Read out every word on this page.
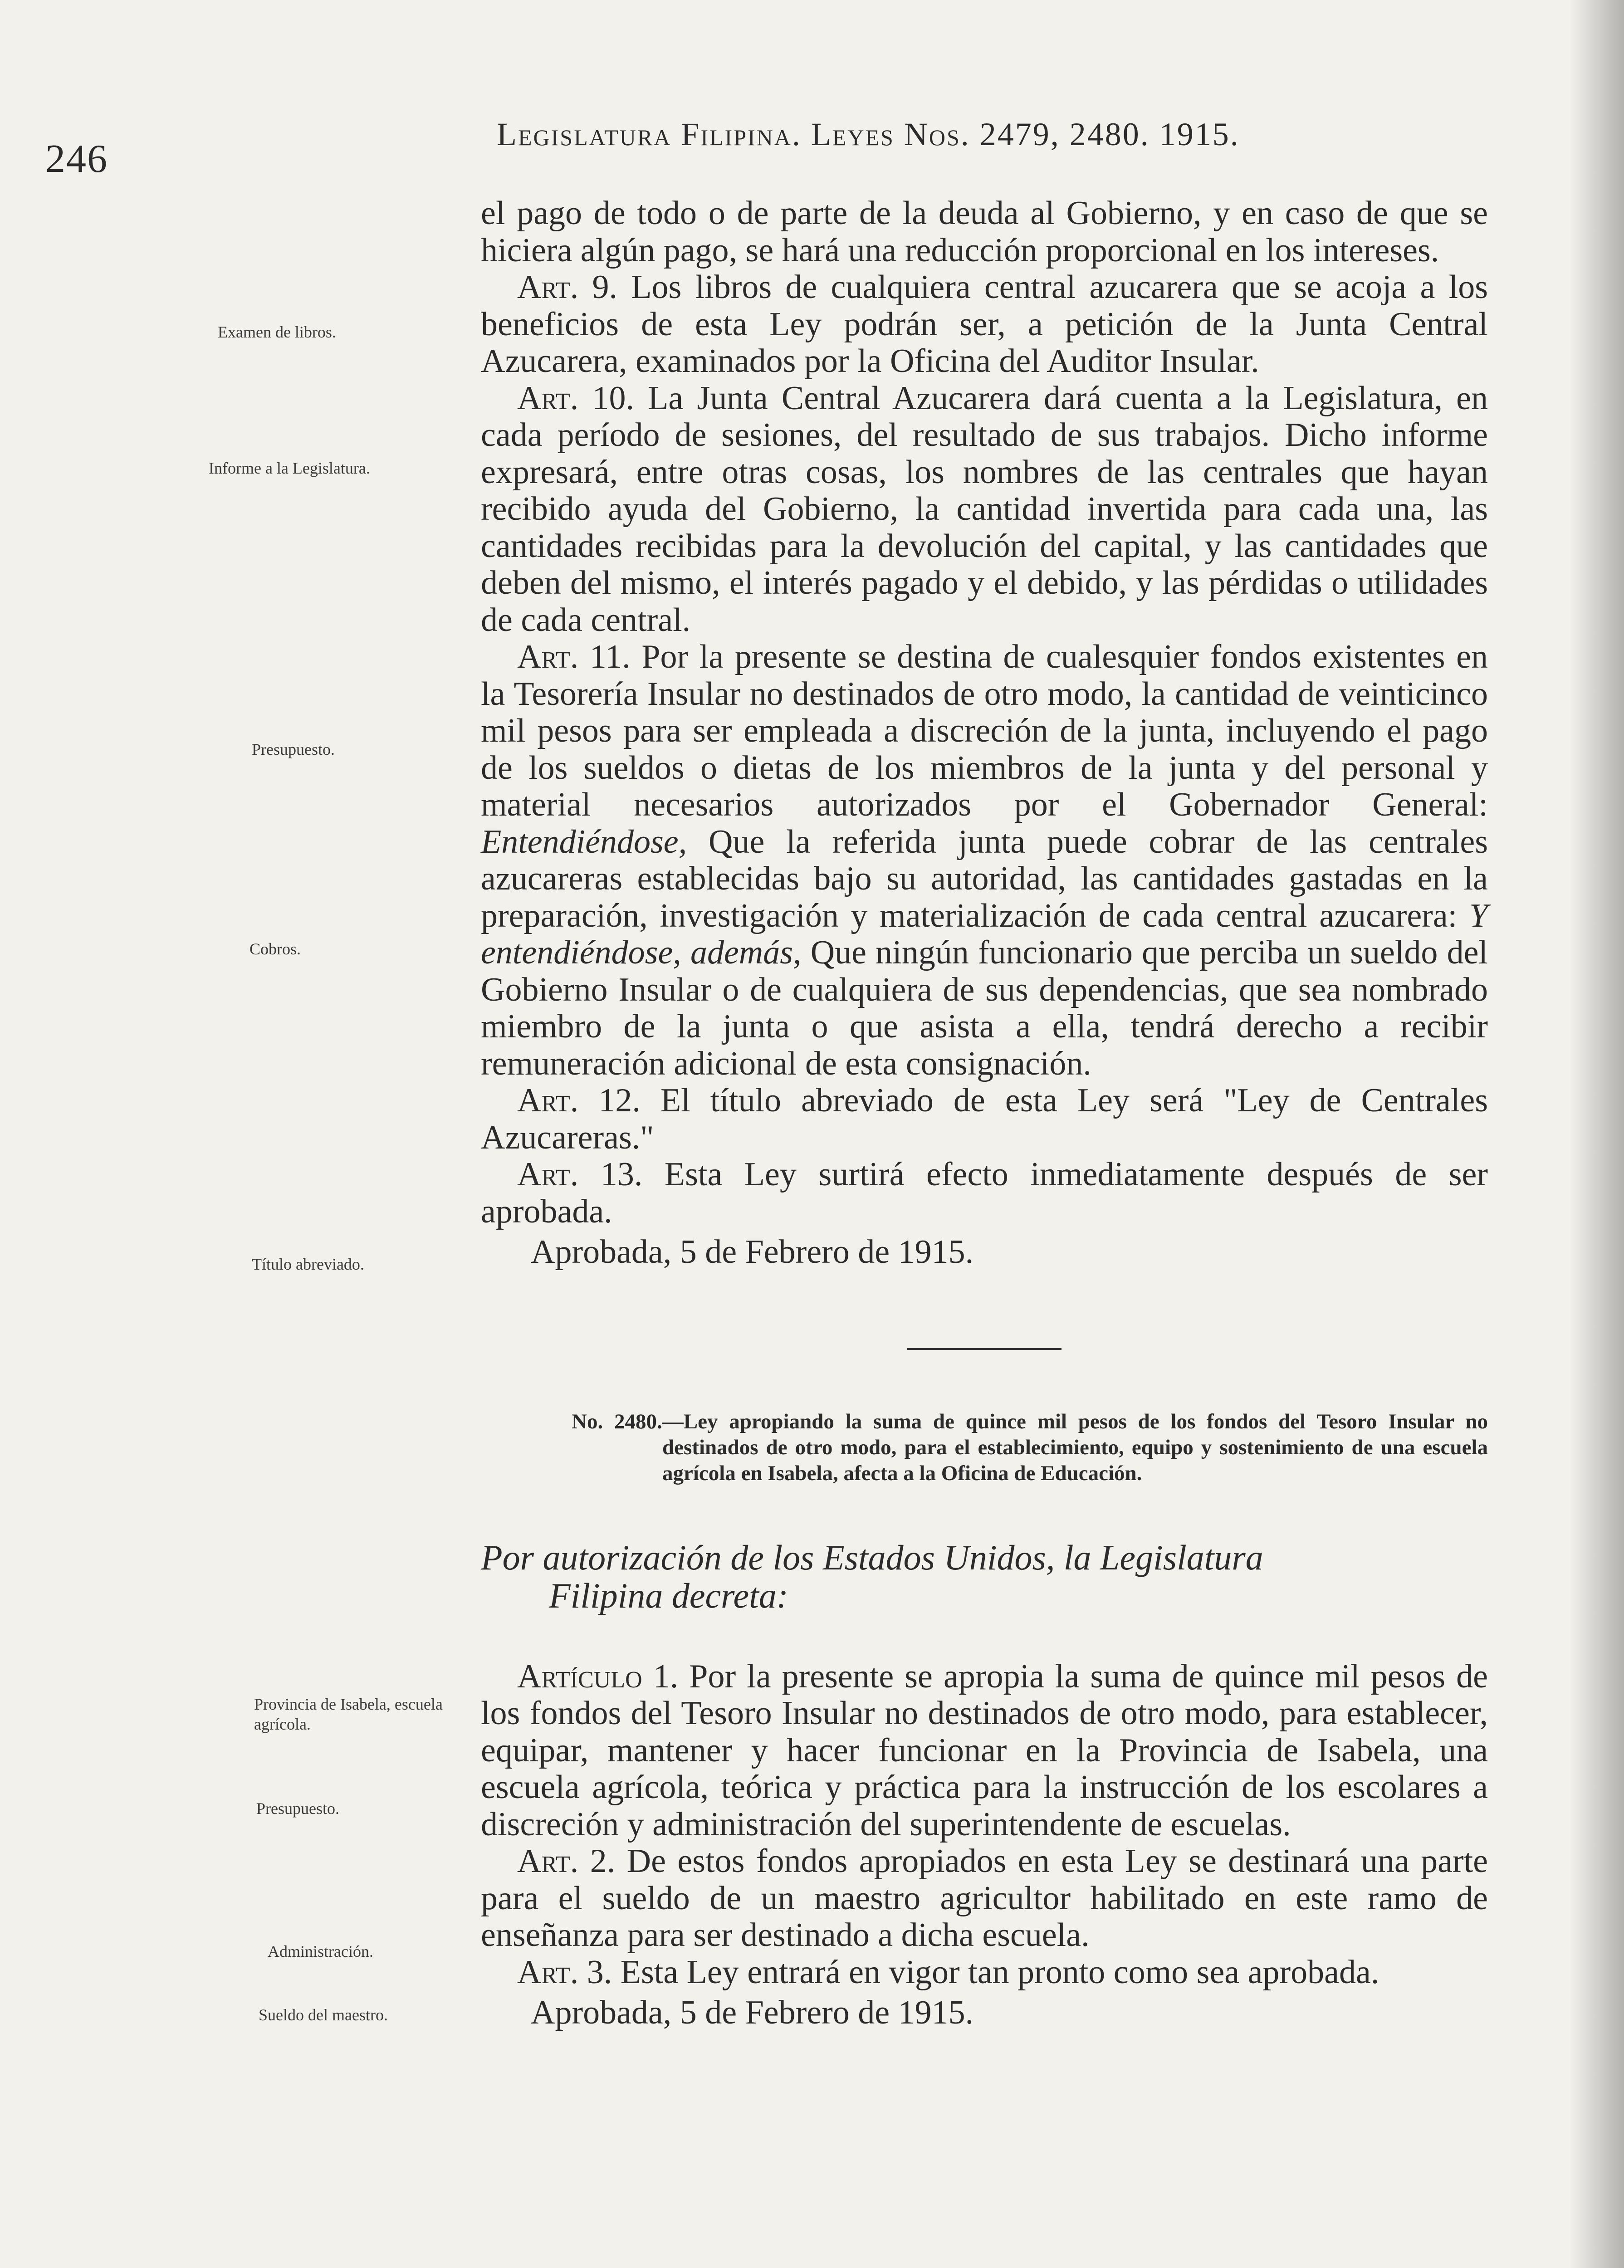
246
Legislatura Filipina. Leyes Nos. 2479, 2480. 1915.
Examen de libros.
Informe a la Legislatura.
Presupuesto.
Cobros.
Título abreviado.
Provincia de Isabela, escuela agrícola.
Presupuesto.
Administración.
Sueldo del maestro.

el pago de todo o de parte de la deuda al Gobierno, y en caso de que se hiciera algún pago, se hará una reducción proporcional en los intereses.

Art. 9. Los libros de cualquiera central azucarera que se acoja a los beneficios de esta Ley podrán ser, a petición de la Junta Central Azucarera, examinados por la Oficina del Auditor Insular.

Art. 10. La Junta Central Azucarera dará cuenta a la Legislatura, en cada período de sesiones, del resultado de sus trabajos. Dicho informe expresará, entre otras cosas, los nombres de las centrales que hayan recibido ayuda del Gobierno, la cantidad invertida para cada una, las cantidades recibidas para la devolución del capital, y las cantidades que deben del mismo, el interés pagado y el debido, y las pérdidas o utilidades de cada central.

Art. 11. Por la presente se destina de cualesquier fondos existentes en la Tesorería Insular no destinados de otro modo, la cantidad de veinticinco mil pesos para ser empleada a discreción de la junta, incluyendo el pago de los sueldos o dietas de los miembros de la junta y del personal y material necesarios autorizados por el Gobernador General: Entendiéndose, Que la referida junta puede cobrar de las centrales azucareras establecidas bajo su autoridad, las cantidades gastadas en la preparación, investigación y materialización de cada central azucarera: Y entendiéndose, además, Que ningún funcionario que perciba un sueldo del Gobierno Insular o de cualquiera de sus dependencias, que sea nombrado miembro de la junta o que asista a ella, tendrá derecho a recibir remuneración adicional de esta consignación.

Art. 12. El título abreviado de esta Ley será "Ley de Centrales Azucareras."

Art. 13. Esta Ley surtirá efecto inmediatamente después de ser aprobada.

Aprobada, 5 de Febrero de 1915.

No. 2480.—Ley apropiando la suma de quince mil pesos de los fondos del Tesoro Insular no destinados de otro modo, para el establecimiento, equipo y sostenimiento de una escuela agrícola en Isabela, afecta a la Oficina de Educación.

Por autorización de los Estados Unidos, la Legislatura
Filipina decreta:

Artículo 1. Por la presente se apropia la suma de quince mil pesos de los fondos del Tesoro Insular no destinados de otro modo, para establecer, equipar, mantener y hacer funcionar en la Provincia de Isabela, una escuela agrícola, teórica y práctica para la instrucción de los escolares a discreción y administración del superintendente de escuelas.

Art. 2. De estos fondos apropiados en esta Ley se destinará una parte para el sueldo de un maestro agricultor habilitado en este ramo de enseñanza para ser destinado a dicha escuela.

Art. 3. Esta Ley entrará en vigor tan pronto como sea aprobada.

Aprobada, 5 de Febrero de 1915.
